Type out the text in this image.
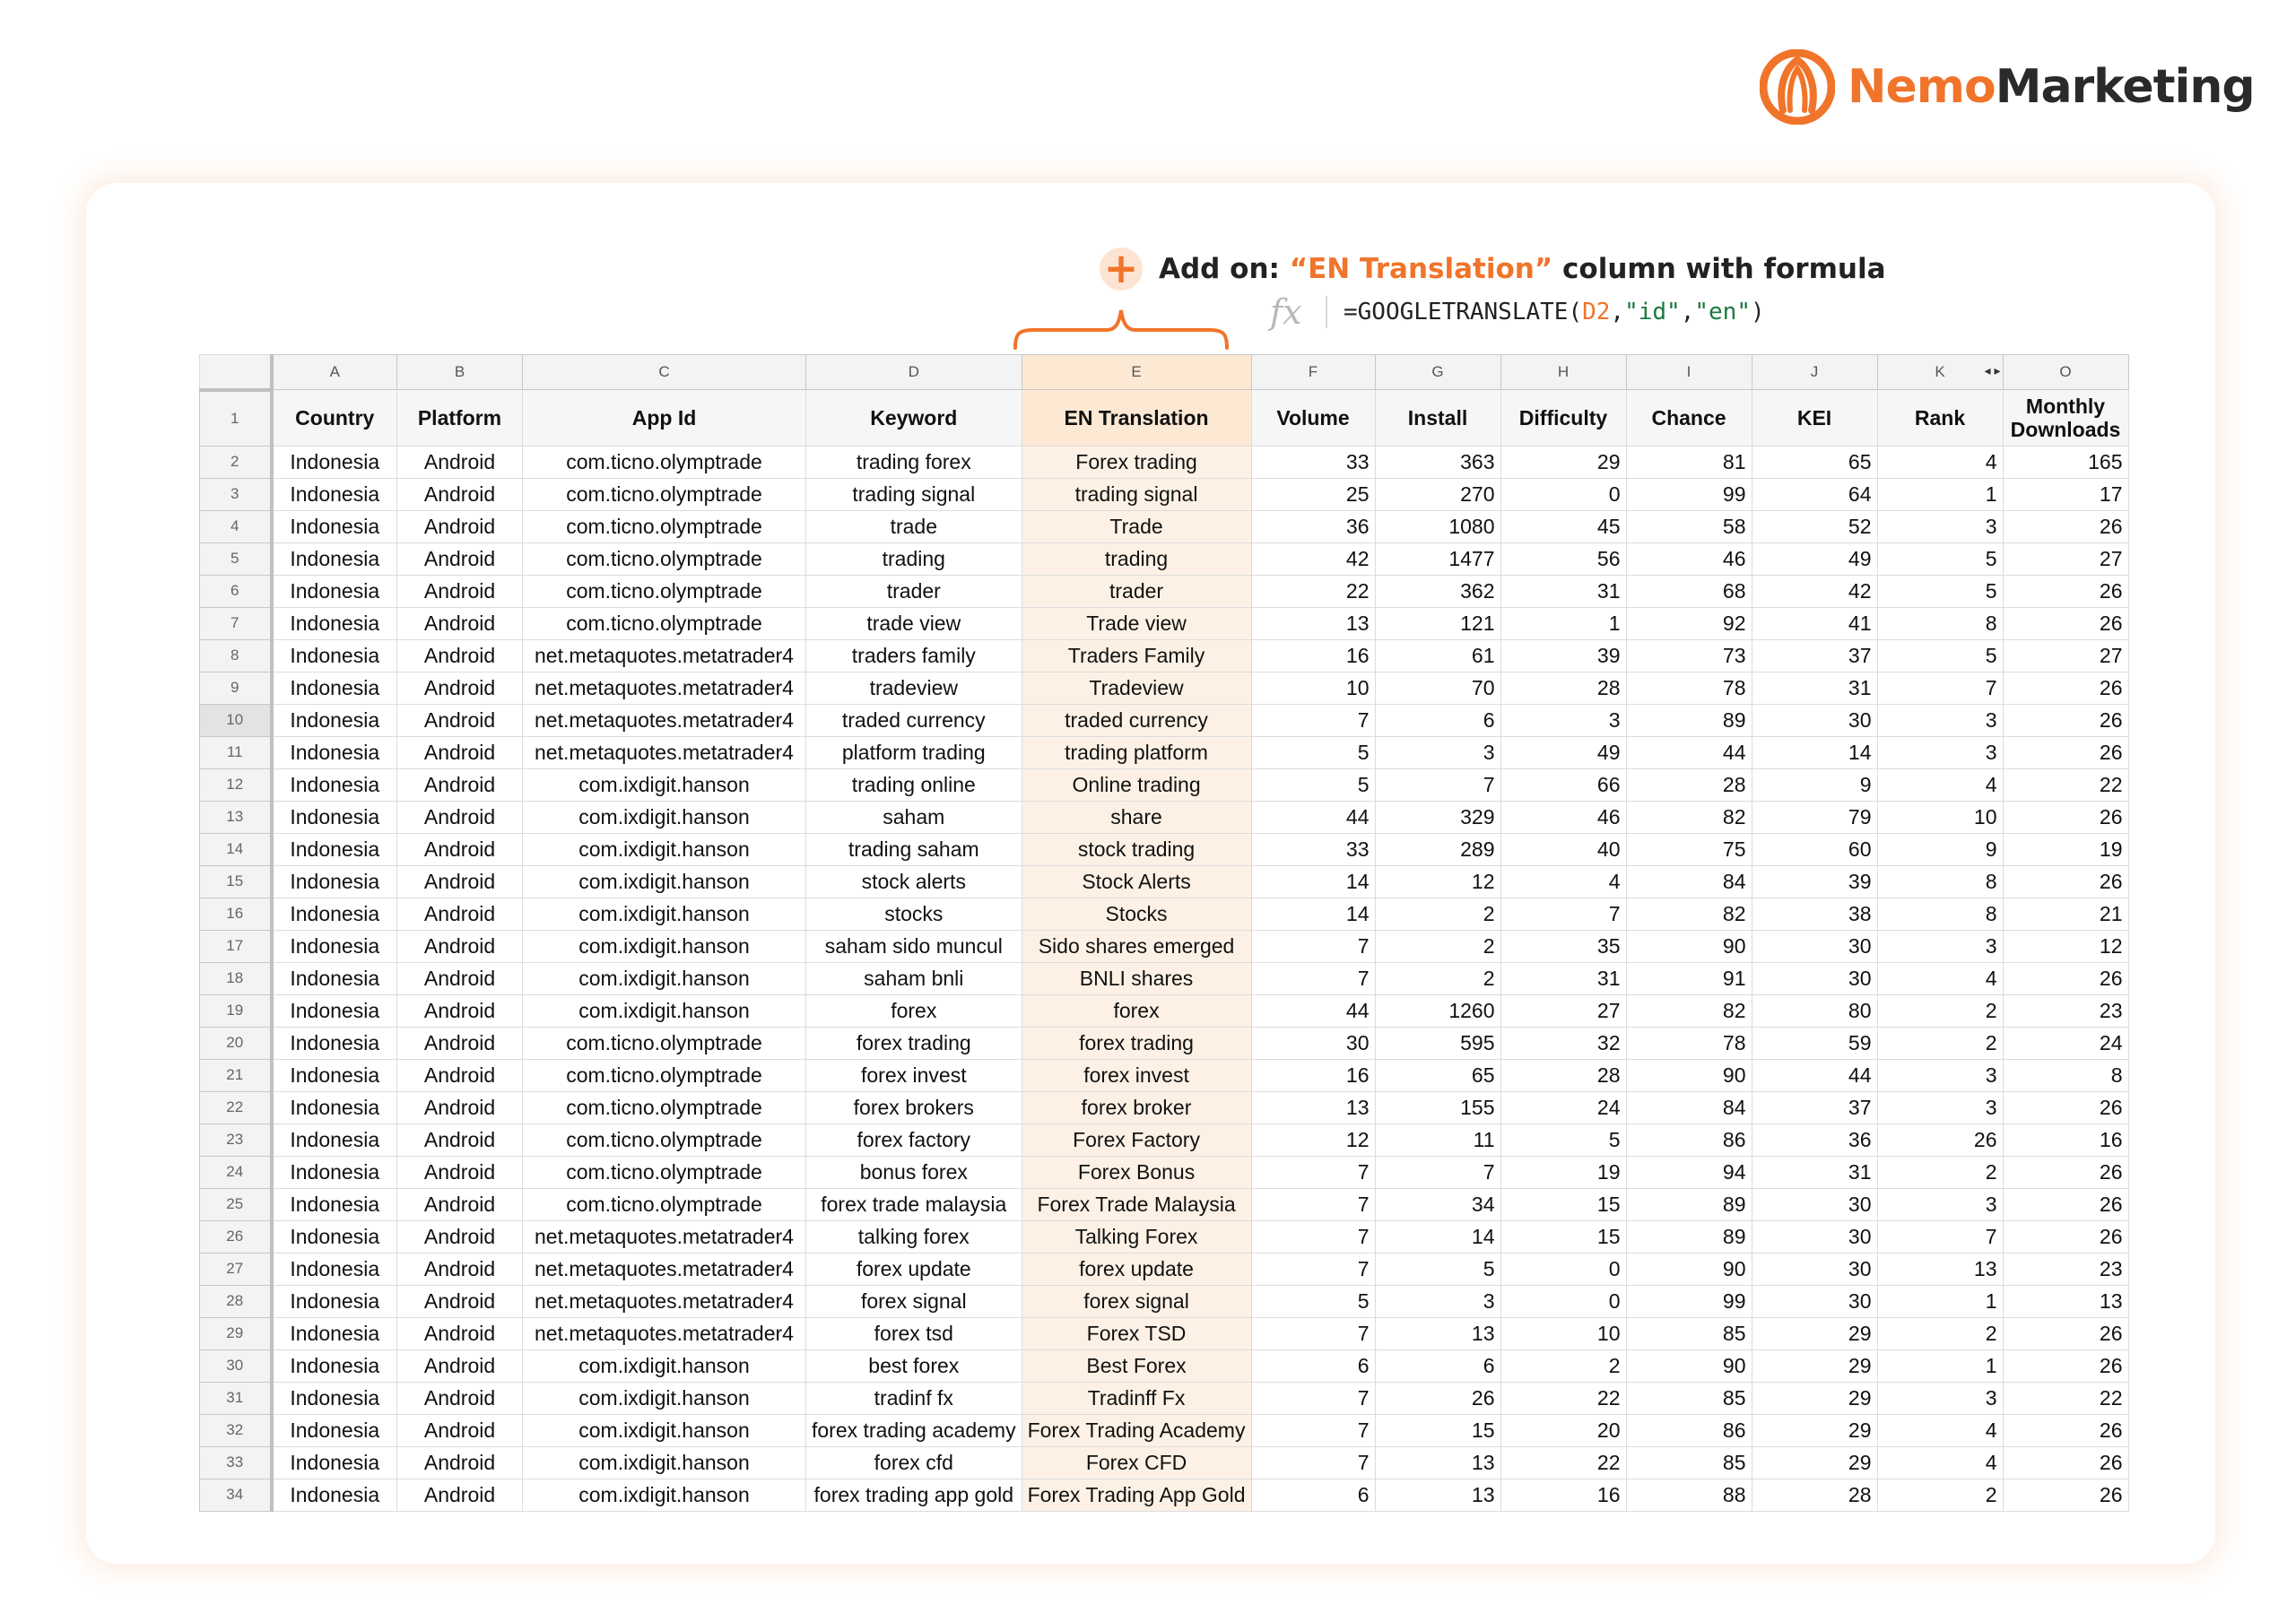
NemoMarketing
+ Add on: “EN Translation” column with formula
fx	=GOOGLETRANSLATE(D2,"id","en")
	A	B	C	D	E	F	G	H	I	J	K ◂ ▸	O
1	Country	Platform	App Id	Keyword	EN Translation	Volume	Install	Difficulty	Chance	KEI	Rank	Monthly Downloads
2	Indonesia	Android	com.ticno.olymptrade	trading forex	Forex trading	33	363	29	81	65	4	165
3	Indonesia	Android	com.ticno.olymptrade	trading signal	trading signal	25	270	0	99	64	1	17
4	Indonesia	Android	com.ticno.olymptrade	trade	Trade	36	1080	45	58	52	3	26
5	Indonesia	Android	com.ticno.olymptrade	trading	trading	42	1477	56	46	49	5	27
6	Indonesia	Android	com.ticno.olymptrade	trader	trader	22	362	31	68	42	5	26
7	Indonesia	Android	com.ticno.olymptrade	trade view	Trade view	13	121	1	92	41	8	26
8	Indonesia	Android	net.metaquotes.metatrader4	traders family	Traders Family	16	61	39	73	37	5	27
9	Indonesia	Android	net.metaquotes.metatrader4	tradeview	Tradeview	10	70	28	78	31	7	26
10	Indonesia	Android	net.metaquotes.metatrader4	traded currency	traded currency	7	6	3	89	30	3	26
11	Indonesia	Android	net.metaquotes.metatrader4	platform trading	trading platform	5	3	49	44	14	3	26
12	Indonesia	Android	com.ixdigit.hanson	trading online	Online trading	5	7	66	28	9	4	22
13	Indonesia	Android	com.ixdigit.hanson	saham	share	44	329	46	82	79	10	26
14	Indonesia	Android	com.ixdigit.hanson	trading saham	stock trading	33	289	40	75	60	9	19
15	Indonesia	Android	com.ixdigit.hanson	stock alerts	Stock Alerts	14	12	4	84	39	8	26
16	Indonesia	Android	com.ixdigit.hanson	stocks	Stocks	14	2	7	82	38	8	21
17	Indonesia	Android	com.ixdigit.hanson	saham sido muncul	Sido shares emerged	7	2	35	90	30	3	12
18	Indonesia	Android	com.ixdigit.hanson	saham bnli	BNLI shares	7	2	31	91	30	4	26
19	Indonesia	Android	com.ixdigit.hanson	forex	forex	44	1260	27	82	80	2	23
20	Indonesia	Android	com.ticno.olymptrade	forex trading	forex trading	30	595	32	78	59	2	24
21	Indonesia	Android	com.ticno.olymptrade	forex invest	forex invest	16	65	28	90	44	3	8
22	Indonesia	Android	com.ticno.olymptrade	forex brokers	forex broker	13	155	24	84	37	3	26
23	Indonesia	Android	com.ticno.olymptrade	forex factory	Forex Factory	12	11	5	86	36	26	16
24	Indonesia	Android	com.ticno.olymptrade	bonus forex	Forex Bonus	7	7	19	94	31	2	26
25	Indonesia	Android	com.ticno.olymptrade	forex trade malaysia	Forex Trade Malaysia	7	34	15	89	30	3	26
26	Indonesia	Android	net.metaquotes.metatrader4	talking forex	Talking Forex	7	14	15	89	30	7	26
27	Indonesia	Android	net.metaquotes.metatrader4	forex update	forex update	7	5	0	90	30	13	23
28	Indonesia	Android	net.metaquotes.metatrader4	forex signal	forex signal	5	3	0	99	30	1	13
29	Indonesia	Android	net.metaquotes.metatrader4	forex tsd	Forex TSD	7	13	10	85	29	2	26
30	Indonesia	Android	com.ixdigit.hanson	best forex	Best Forex	6	6	2	90	29	1	26
31	Indonesia	Android	com.ixdigit.hanson	tradinf fx	Tradinff Fx	7	26	22	85	29	3	22
32	Indonesia	Android	com.ixdigit.hanson	forex trading academy	Forex Trading Academy	7	15	20	86	29	4	26
33	Indonesia	Android	com.ixdigit.hanson	forex cfd	Forex CFD	7	13	22	85	29	4	26
34	Indonesia	Android	com.ixdigit.hanson	forex trading app gold	Forex Trading App Gold	6	13	16	88	28	2	26
